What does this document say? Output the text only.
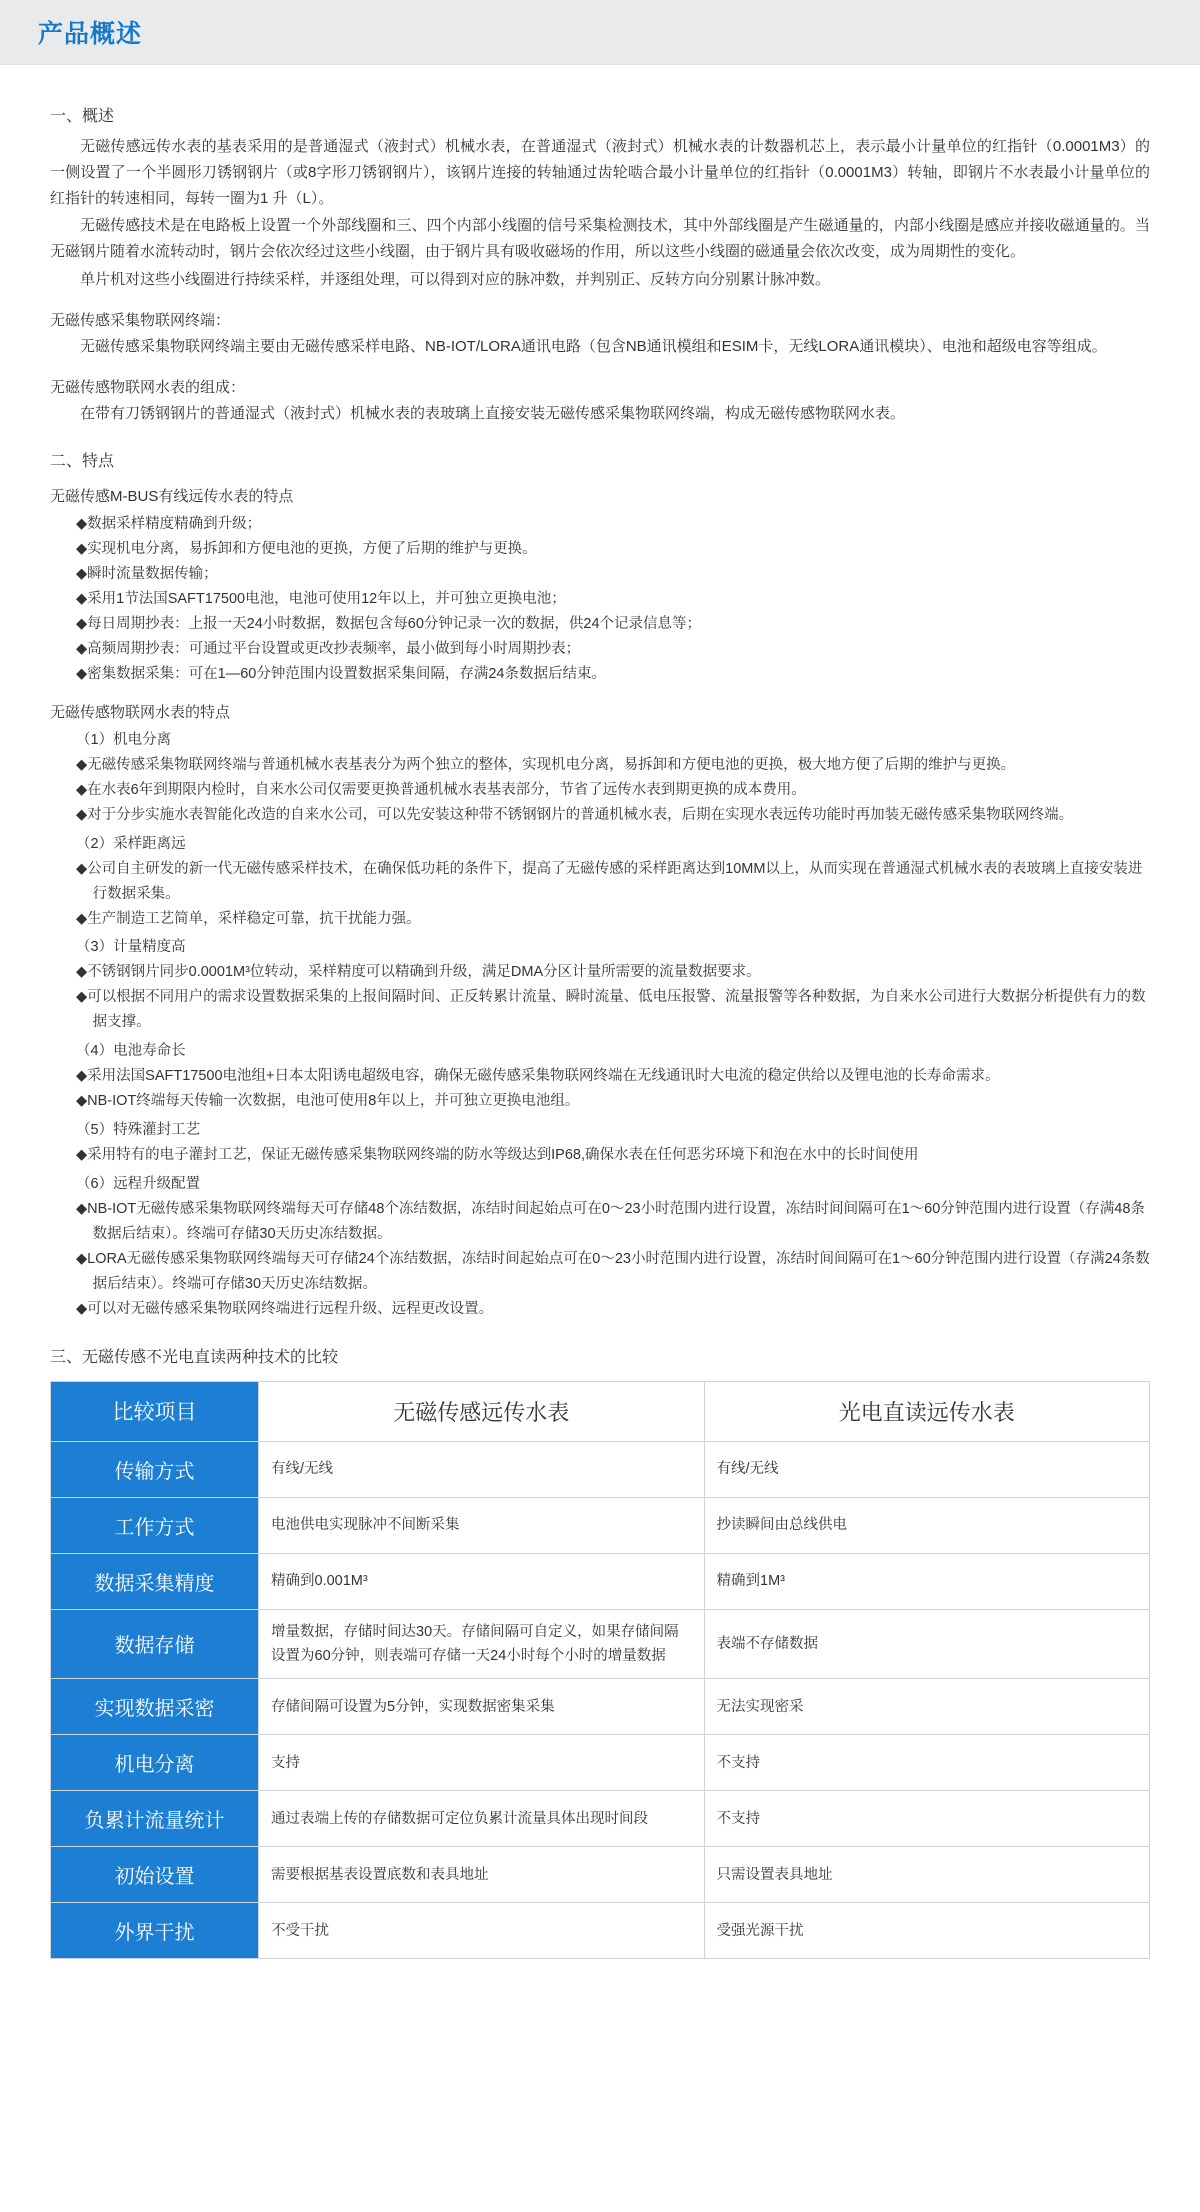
产品概述
一、概述

无磁传感远传水表的基表采用的是普通湿式（液封式）机械水表，在普通湿式（液封式）机械水表的计数器机芯上，表示最小计量单位的红指针（0.0001M3）的一侧设置了一个半圆形刀锈钢钢片（或8字形刀锈钢钢片），该钢片连接的转轴通过齿轮啮合最小计量单位的红指针（0.0001M3）转轴，即钢片不水表最小计量单位的红指针的转速相同，每转一圈为1 升（L）。

无磁传感技术是在电路板上设置一个外部线圈和三、四个内部小线圈的信号采集检测技术，其中外部线圈是产生磁通量的，内部小线圈是感应并接收磁通量的。当无磁钢片随着水流转动时，钢片会依次经过这些小线圈，由于钢片具有吸收磁场的作用，所以这些小线圈的磁通量会依次改变，成为周期性的变化。

单片机对这些小线圈进行持续采样，并逐组处理，可以得到对应的脉冲数，并判别正、反转方向分别累计脉冲数。

无磁传感采集物联网终端：

无磁传感采集物联网终端主要由无磁传感采样电路、NB-IOT/LORA通讯电路（包含NB通讯模组和ESIM卡，无线LORA通讯模块）、电池和超级电容等组成。

无磁传感物联网水表的组成：

在带有刀锈钢钢片的普通湿式（液封式）机械水表的表玻璃上直接安装无磁传感采集物联网终端，构成无磁传感物联网水表。

二、特点
无磁传感M-BUS有线远传水表的特点
◆数据采样精度精确到升级；
◆实现机电分离，易拆卸和方便电池的更换，方便了后期的维护与更换。
◆瞬时流量数据传输；
◆采用1节法国SAFT17500电池，电池可使用12年以上，并可独立更换电池；
◆每日周期抄表：上报一天24小时数据，数据包含每60分钟记录一次的数据，供24个记录信息等；
◆高频周期抄表：可通过平台设置或更改抄表频率，最小做到每小时周期抄表；
◆密集数据采集：可在1—60分钟范围内设置数据采集间隔，存满24条数据后结束。
无磁传感物联网水表的特点
（1）机电分离
◆无磁传感采集物联网终端与普通机械水表基表分为两个独立的整体，实现机电分离，易拆卸和方便电池的更换，极大地方便了后期的维护与更换。
◆在水表6年到期限内检时，自来水公司仅需要更换普通机械水表基表部分，节省了远传水表到期更换的成本费用。
◆对于分步实施水表智能化改造的自来水公司，可以先安装这种带不锈钢钢片的普通机械水表，后期在实现水表远传功能时再加装无磁传感采集物联网终端。
（2）采样距离远
◆公司自主研发的新一代无磁传感采样技术，在确保低功耗的条件下，提高了无磁传感的采样距离达到10MM以上，从而实现在普通湿式机械水表的表玻璃上直接安装进行数据采集。
◆生产制造工艺简单，采样稳定可靠，抗干扰能力强。
（3）计量精度高
◆不锈钢钢片同步0.0001M³位转动，采样精度可以精确到升级，满足DMA分区计量所需要的流量数据要求。
◆可以根据不同用户的需求设置数据采集的上报间隔时间、正反转累计流量、瞬时流量、低电压报警、流量报警等各种数据，为自来水公司进行大数据分析提供有力的数据支撑。
（4）电池寿命长
◆采用法国SAFT17500电池组+日本太阳诱电超级电容，确保无磁传感采集物联网终端在无线通讯时大电流的稳定供给以及锂电池的长寿命需求。
◆NB-IOT终端每天传输一次数据，电池可使用8年以上，并可独立更换电池组。
（5）特殊灌封工艺
◆采用特有的电子灌封工艺，保证无磁传感采集物联网终端的防水等级达到IP68,确保水表在任何恶劣环境下和泡在水中的长时间使用
（6）远程升级配置
◆NB-IOT无磁传感采集物联网终端每天可存储48个冻结数据，冻结时间起始点可在0～23小时范围内进行设置，冻结时间间隔可在1～60分钟范围内进行设置（存满48条数据后结束）。终端可存储30天历史冻结数据。
◆LORA无磁传感采集物联网终端每天可存储24个冻结数据，冻结时间起始点可在0～23小时范围内进行设置，冻结时间间隔可在1～60分钟范围内进行设置（存满24条数据后结束）。终端可存储30天历史冻结数据。
◆可以对无磁传感采集物联网终端进行远程升级、远程更改设置。
三、无磁传感不光电直读两种技术的比较
比较项目	无磁传感远传水表	光电直读远传水表
传输方式	有线/无线	有线/无线
工作方式	电池供电实现脉冲不间断采集	抄读瞬间由总线供电
数据采集精度	精确到0.001M³	精确到1M³
数据存储	增量数据，存储时间达30天。存储间隔可自定义，如果存储间隔设置为60分钟，则表端可存储一天24小时每个小时的增量数据	表端不存储数据
实现数据采密	存储间隔可设置为5分钟，实现数据密集采集	无法实现密采
机电分离	支持	不支持
负累计流量统计	通过表端上传的存储数据可定位负累计流量具体出现时间段	不支持
初始设置	需要根据基表设置底数和表具地址	只需设置表具地址
外界干扰	不受干扰	受强光源干扰
